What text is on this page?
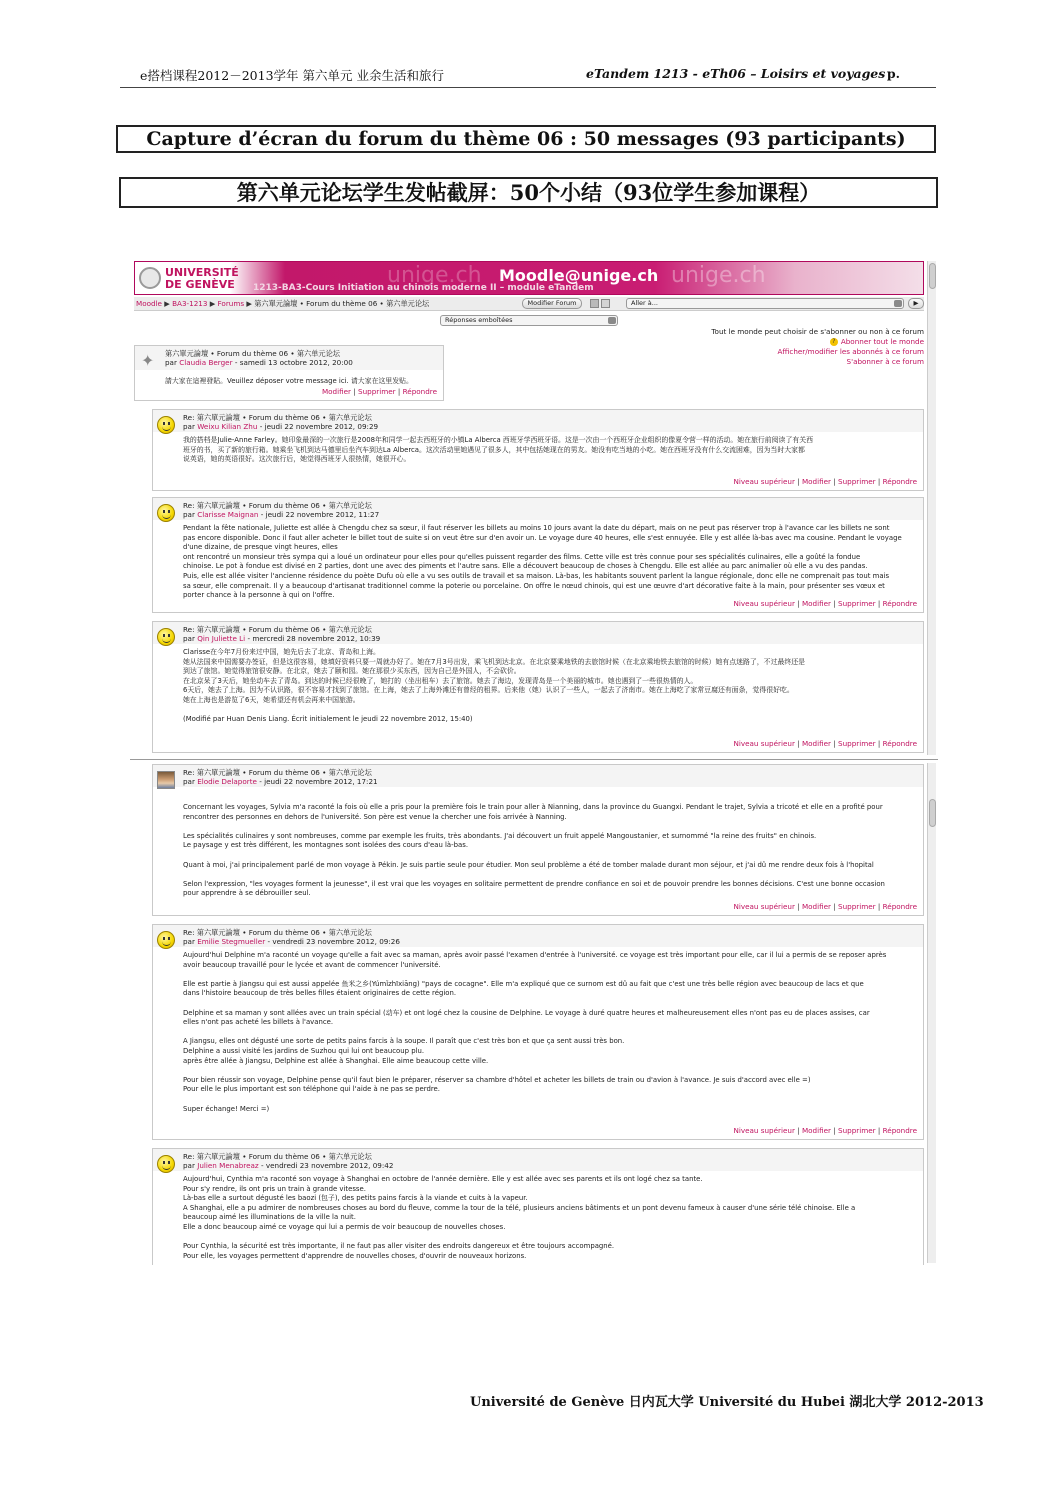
e搭档课程2012－2013学年 第六单元 业余生活和旅行	eTandem 1213 - eTh06 – Loisirs et voyages p.
Capture d’écran du forum du thème 06 : 50 messages (93 participants)
第六单元论坛学生发帖截屏：50个小结（93位学生参加课程）
UNIVERSITÉ
DE GENÈVE	unige.ch	unige.ch
1213-BA3-Cours Initiation au chinois moderne II – module eTandem
Moodle@unige.ch
Moodle ▶ BA3-1213 ▶ Forums ▶ 第六單元論壇 • Forum du thème 06 • 第六单元论坛	Modifier Forum	Aller à...	▶
Réponses emboîtées
Tout le monde peut choisir de s'abonner ou non à ce forum
? Abonner tout le monde
Afficher/modifier les abonnés à ce forum
S'abonner à ce forum
✦
第六單元論壇 • Forum du thème 06 • 第六单元论坛
par Claudia Berger - samedi 13 octobre 2012, 20:00
請大家在這裡發貼。Veuillez déposer votre message ici. 请大家在这里发贴。
Modifier | Supprimer | Répondre
Re: 第六單元論壇 • Forum du thème 06 • 第六单元论坛
par Weixu Kilian Zhu - jeudi 22 novembre 2012, 09:29
我的搭档是Julie-Anne Farley。她印象最深的一次旅行是2008年和同学一起去西班牙的小镇La Alberca 西班牙学西班牙语。这是一次由一个西班牙企业组织的像夏令营一样的活动。她在旅行前阅读了有关西
班牙的书，买了新的旅行箱。她乘坐飞机到达马德里后坐汽车到达La Alberca。这次活动里她遇见了很多人，其中包括她现在的男友。她没有吃当地的小吃。她在西班牙没有什么交流困难，因为当时大家都
说英语，她的英语很好。这次旅行后，她觉得西班牙人很热情，她很开心。
Niveau supérieur | Modifier | Supprimer | Répondre
Re: 第六單元論壇 • Forum du thème 06 • 第六单元论坛
par Clarisse Maignan - jeudi 22 novembre 2012, 11:27
Pendant la fête nationale, Juliette est allée à Chengdu chez sa sœur, il faut réserver les billets au moins 10 jours avant la date du départ, mais on ne peut pas réserver trop à l'avance car les billets ne sont
pas encore disponible. Donc il faut aller acheter le billet tout de suite si on veut être sur d'en avoir un. Le voyage dure 40 heures, elle s'est ennuyée. Elle y est allée là-bas avec ma cousine. Pendant le voyage d'une dizaine, de presque vingt heures, elles
ont rencontré un monsieur très sympa qui a loué un ordinateur pour elles pour qu'elles puissent regarder des films. Cette ville est très connue pour ses spécialités culinaires, elle a goûté la fondue
chinoise. Le pot à fondue est divisé en 2 parties, dont une avec des piments et l'autre sans. Elle a découvert beaucoup de choses à Chengdu. Elle est allée au parc animalier où elle a vu des pandas.
Puis, elle est allée visiter l'ancienne résidence du poète Dufu où elle a vu ses outils de travail et sa maison. Là-bas, les habitants souvent parlent la langue régionale, donc elle ne comprenait pas tout mais
sa sœur, elle comprenait. Il y a beaucoup d'artisanat traditionnel comme la poterie ou porcelaine. On offre le nœud chinois, qui est une œuvre d'art décorative faite à la main, pour présenter ses vœux et
porter chance à la personne à qui on l'offre.
Niveau supérieur | Modifier | Supprimer | Répondre
Re: 第六單元論壇 • Forum du thème 06 • 第六单元论坛
par Qin Juliette Li - mercredi 28 novembre 2012, 10:39
Clarisse在今年7月份来过中国，她先后去了北京、青岛和上海。
她从法国来中国需要办签证，但是这很容易，她填好资料只要一周就办好了。她在7月3号出发，乘飞机到达北京。在北京要乘地铁的去旅馆时候（在北京乘地铁去旅馆的时候）她有点迷路了，不过最终还是
到达了旅馆。她觉得旅馆很安静。在北京，她去了颐和园。她在那很少买东西，因为自己是外国人，不会砍价。
在北京呆了3天后，她坐动车去了青岛。到达的时候已经很晚了，她打的（坐出租车）去了旅馆。她去了海边，发现青岛是一个美丽的城市。她也遇到了一些很热情的人。
6天后，她去了上海。因为不认识路，很不容易才找到了旅馆。在上海，她去了上海外滩还有曾经的租界。后来他（她）认识了一些人，一起去了济南市。她在上海吃了家常豆腐还有面条，觉得很好吃。
她在上海也是游览了6天，她希望还有机会再来中国旅游。

(Modifié par Huan Denis Liang. Écrit initialement le jeudi 22 novembre 2012, 15:40)
Niveau supérieur | Modifier | Supprimer | Répondre
Re: 第六單元論壇 • Forum du thème 06 • 第六单元论坛
par Elodie Delaporte - jeudi 22 novembre 2012, 17:21
Concernant les voyages, Sylvia m'a raconté la fois où elle a pris pour la première fois le train pour aller à Nianning, dans la province du Guangxi. Pendant le trajet, Sylvia a tricoté et elle en a profité pour
rencontrer des personnes en dehors de l'université. Son père est venue la chercher une fois arrivée à Nanning.

Les spécialités culinaires y sont nombreuses, comme par exemple les fruits, très abondants. J'ai découvert un fruit appelé Mangoustanier, et surnommé "la reine des fruits" en chinois.
Le paysage y est très différent, les montagnes sont isolées des cours d'eau là-bas.

Quant à moi, j'ai principalement parlé de mon voyage à Pékin. Je suis partie seule pour étudier. Mon seul problème a été de tomber malade durant mon séjour, et j'ai dû me rendre deux fois à l'hopital

Selon l'expression, "les voyages forment la jeunesse", il est vrai que les voyages en solitaire permettent de prendre confiance en soi et de pouvoir prendre les bonnes décisions. C'est une bonne occasion
pour apprendre à se débrouiller seul.
Niveau supérieur | Modifier | Supprimer | Répondre
Re: 第六單元論壇 • Forum du thème 06 • 第六单元论坛
par Emilie Stegmueller - vendredi 23 novembre 2012, 09:26
Aujourd'hui Delphine m'a raconté un voyage qu'elle a fait avec sa maman, après avoir passé l'examen d'entrée à l'université. ce voyage est très important pour elle, car il lui a permis de se reposer après
avoir beaucoup travaillé pour le lycée et avant de commencer l'université.

Elle est partie à Jiangsu qui est aussi appelée 鱼米之乡(Yúmǐzhīxiāng) "pays de cocagne". Elle m'a expliqué que ce surnom est dû au fait que c'est une très belle région avec beaucoup de lacs et que
dans l'histoire beaucoup de très belles filles étaient originaires de cette région.

Delphine et sa maman y sont allées avec un train spécial (动车) et ont logé chez la cousine de Delphine. Le voyage à duré quatre heures et malheureusement elles n'ont pas eu de places assises, car
elles n'ont pas acheté les billets à l'avance.

A Jiangsu, elles ont dégusté une sorte de petits pains farcis à la soupe. Il paraît que c'est très bon et que ça sent aussi très bon.
Delphine a aussi visité les jardins de Suzhou qui lui ont beaucoup plu.
après être allée à Jiangsu, Delphine est allée à Shanghai. Elle aime beaucoup cette ville.

Pour bien réussir son voyage, Delphine pense qu'il faut bien le préparer, réserver sa chambre d'hôtel et acheter les billets de train ou d'avion à l'avance. Je suis d'accord avec elle =)
Pour elle le plus important est son téléphone qui l'aide à ne pas se perdre.

Super échange! Merci =)
Niveau supérieur | Modifier | Supprimer | Répondre
Re: 第六單元論壇 • Forum du thème 06 • 第六单元论坛
par Julien Menabreaz - vendredi 23 novembre 2012, 09:42
Aujourd'hui, Cynthia m'a raconté son voyage à Shanghai en octobre de l'année dernière. Elle y est allée avec ses parents et ils ont logé chez sa tante.
Pour s'y rendre, ils ont pris un train à grande vitesse.
Là-bas elle a surtout dégusté les baozi (包子), des petits pains farcis à la viande et cuits à la vapeur.
A Shanghai, elle a pu admirer de nombreuses choses au bord du fleuve, comme la tour de la télé, plusieurs anciens bâtiments et un pont devenu fameux à causer d'une série télé chinoise. Elle a
beaucoup aimé les illuminations de la ville la nuit.
Elle a donc beaucoup aimé ce voyage qui lui a permis de voir beaucoup de nouvelles choses.

Pour Cynthia, la sécurité est très importante, il ne faut pas aller visiter des endroits dangereux et être toujours accompagné.
Pour elle, les voyages permettent d'apprendre de nouvelles choses, d'ouvrir de nouveaux horizons.
Université de Genève 日内瓦大学 Université du Hubei 湖北大学 2012-2013
